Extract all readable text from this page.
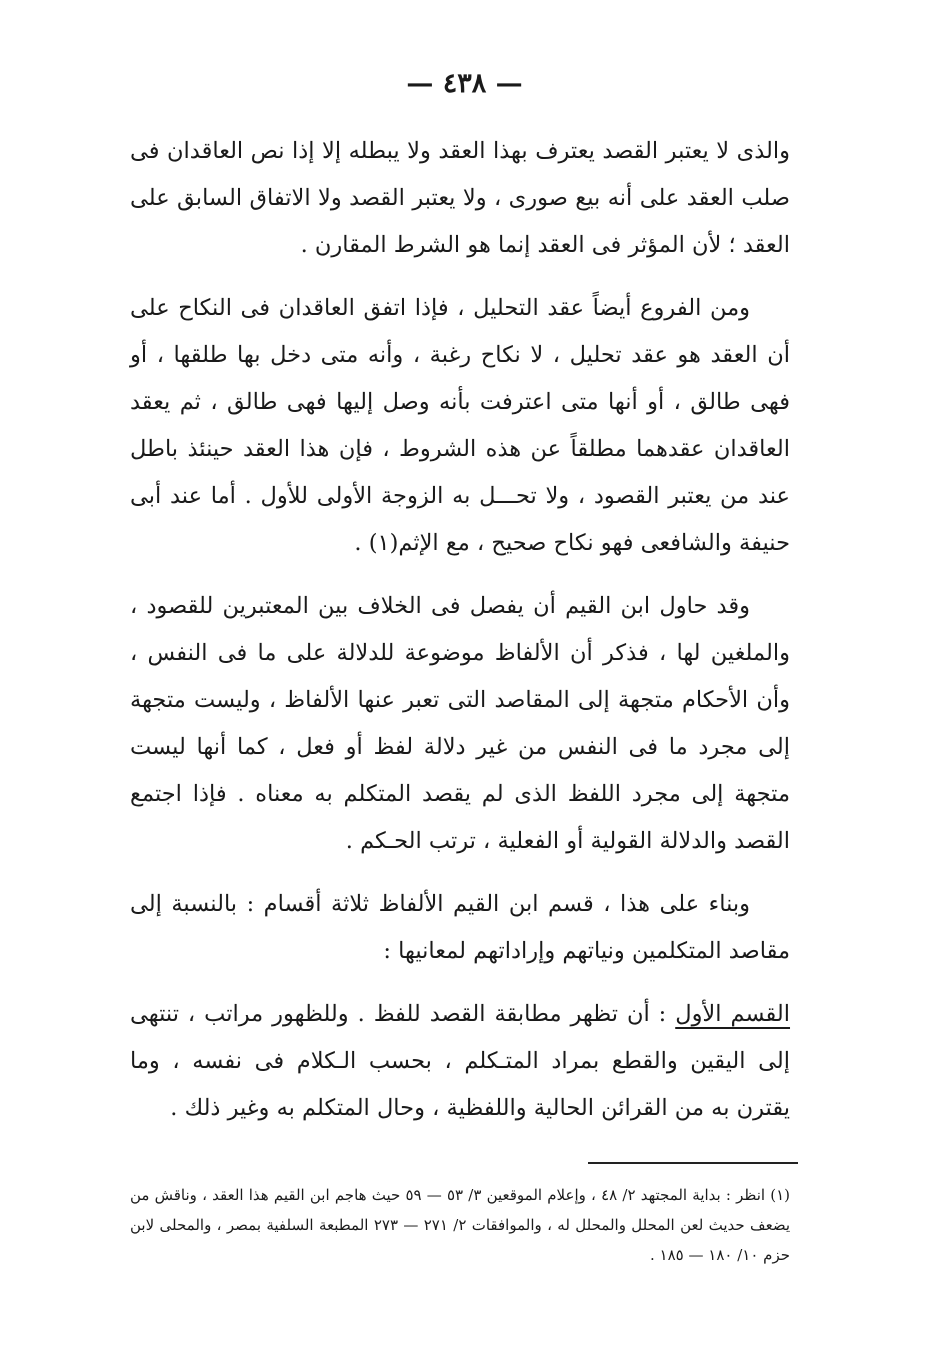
— ٤٣٨ —

والذى لا يعتبر القصد يعترف بهذا العقد ولا يبطله إلا إذا نص العاقدان فى صلب العقد على أنه بيع صورى ، ولا يعتبر القصد ولا الاتفاق السابق على العقد ؛ لأن المؤثر فى العقد إنما هو الشرط المقارن .

ومن الفروع أيضاً عقد التحليل ، فإذا اتفق العاقدان فى النكاح على أن العقد هو عقد تحليل ، لا نكاح رغبة ، وأنه متى دخل بها طلقها ، أو فهى طالق ، أو أنها متى اعترفت بأنه وصل إليها فهى طالق ، ثم يعقد العاقدان عقدهما مطلقاً عن هذه الشروط ، فإن هذا العقد حينئذ باطل عند من يعتبر القصود ، ولا تحـــل به الزوجة الأولى للأول . أما عند أبى حنيفة والشافعى فهو نكاح صحيح ، مع الإثم(١) .

وقد حاول ابن القيم أن يفصل فى الخلاف بين المعتبرين للقصود ، والملغين لها ، فذكر أن الألفاظ موضوعة للدلالة على ما فى النفس ، وأن الأحكام متجهة إلى المقاصد التى تعبر عنها الألفاظ ، وليست متجهة إلى مجرد ما فى النفس من غير دلالة لفظ أو فعل ، كما أنها ليست متجهة إلى مجرد اللفظ الذى لم يقصد المتكلم به معناه . فإذا اجتمع القصد والدلالة القولية أو الفعلية ، ترتب الحـكم .

وبناء على هذا ، قسم ابن القيم الألفاظ ثلاثة أقسام : بالنسبة إلى مقاصد المتكلمين ونياتهم وإراداتهم لمعانيها :

القسم الأول : أن تظهر مطابقة القصد للفظ . وللظهور مراتب ، تنتهى إلى اليقين والقطع بمراد المتـكلم ، بحسب الـكلام فى نفسه ، وما يقترن به من القرائن الحالية واللفظية ، وحال المتكلم به وغير ذلك .

(١) انظر : بداية المجتهد ٢/ ٤٨ ، وإعلام الموقعين ٣/ ٥٣ — ٥٩ حيث هاجم ابن القيم هذا العقد ، وناقش من يضعف حديث لعن المحلل والمحلل له ، والموافقات ٢/ ٢٧١ — ٢٧٣ المطبعة السلفية بمصر ، والمحلى لابن حزم ١٠/ ١٨٠ — ١٨٥ .
